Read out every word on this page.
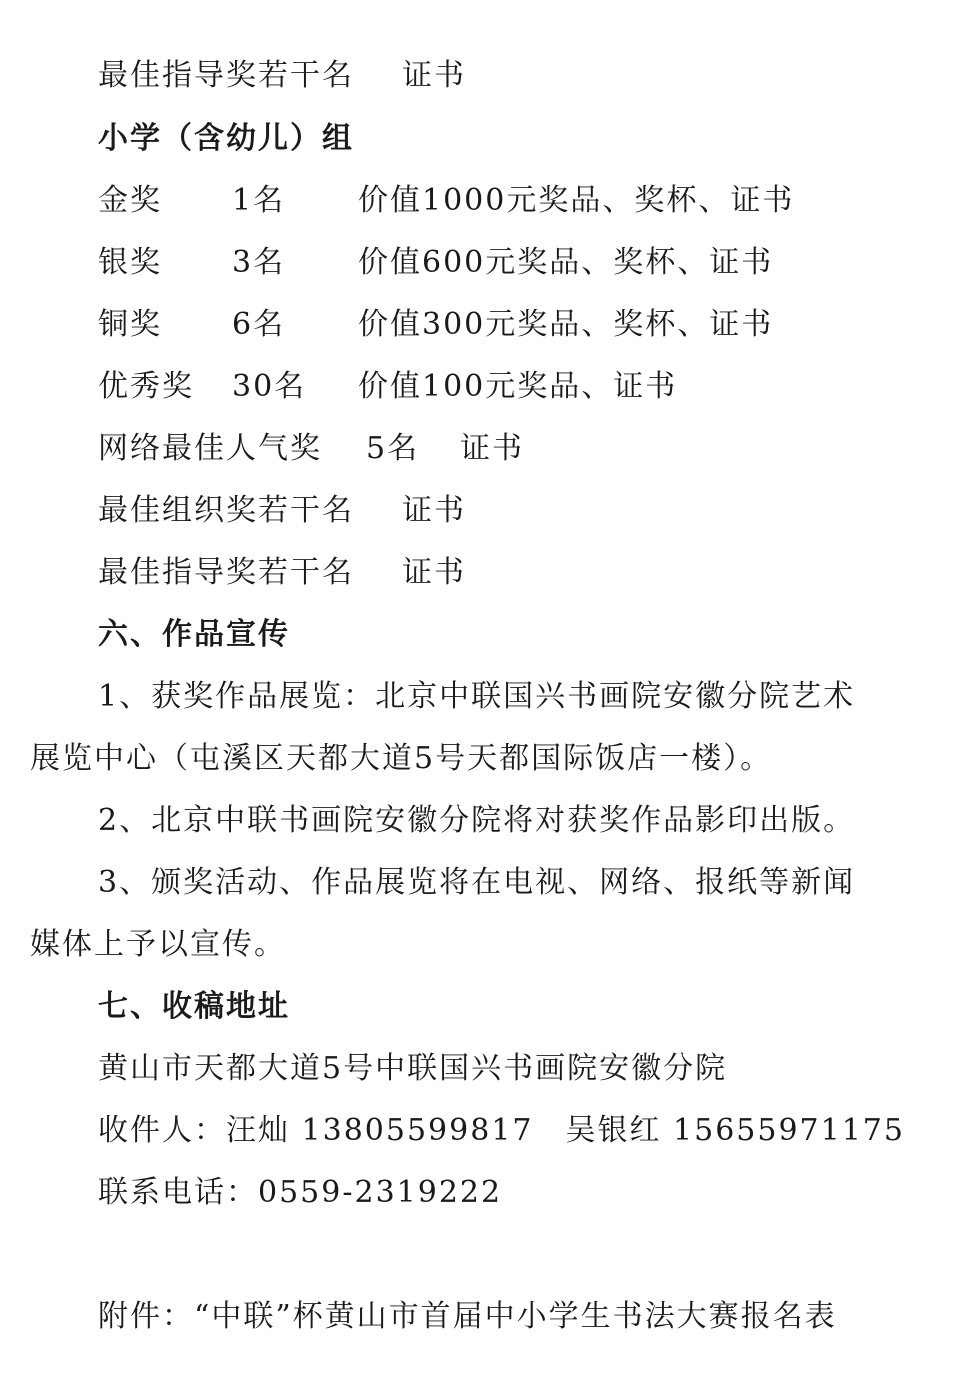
最佳指导奖若干名 证书
小学（含幼儿）组
金奖 1名 价值1000元奖品、奖杯、证书
银奖 3名 价值600元奖品、奖杯、证书
铜奖 6名 价值300元奖品、奖杯、证书
优秀奖 30名 价值100元奖品、证书
网络最佳人气奖 5名 证书
最佳组织奖若干名 证书
最佳指导奖若干名 证书
六、作品宣传
1、获奖作品展览：北京中联国兴书画院安徽分院艺术
展览中心（屯溪区天都大道5号天都国际饭店一楼）。
2、北京中联书画院安徽分院将对获奖作品影印出版。
3、颁奖活动、作品展览将在电视、网络、报纸等新闻
媒体上予以宣传。
七、收稿地址
黄山市天都大道5号中联国兴书画院安徽分院
收件人：汪灿 13805599817　吴银红 15655971175
联系电话：0559-2319222
附件：“中联”杯黄山市首届中小学生书法大赛报名表
